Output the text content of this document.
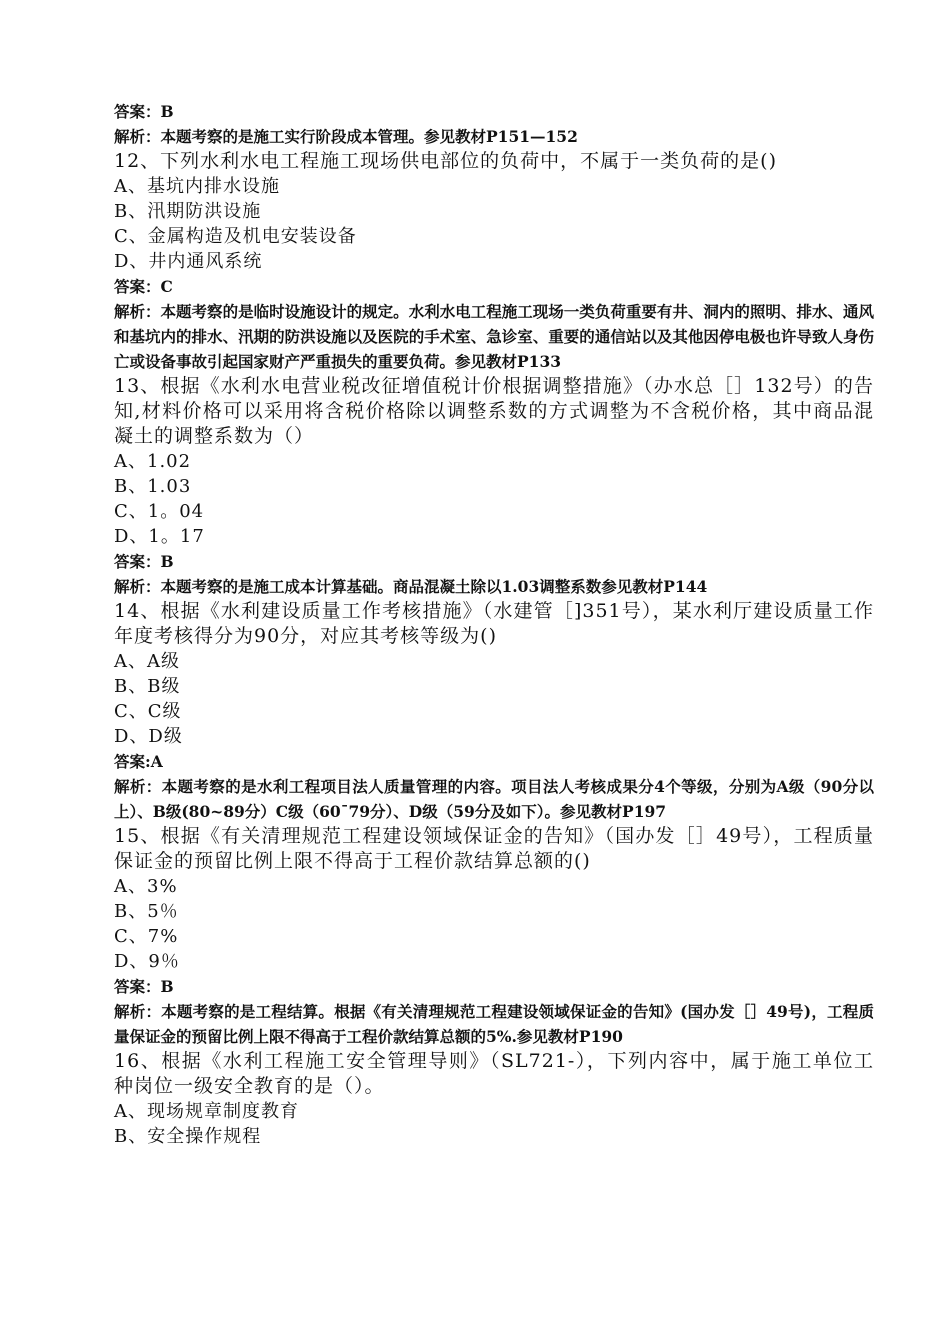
答案：B

解析：本题考察的是施工实行阶段成本管理。参见教材P151—152

12、下列水利水电工程施工现场供电部位的负荷中，不属于一类负荷的是()

A、基坑内排水设施

B、汛期防洪设施

C、金属构造及机电安装设备

D、井内通风系统

答案：C

解析：本题考察的是临时设施设计的规定。水利水电工程施工现场一类负荷重要有井、洞内的照明、排水、通风和基坑内的排水、汛期的防洪设施以及医院的手术室、急诊室、重要的通信站以及其他因停电极也许导致人身伤亡或设备事故引起国家财产严重损失的重要负荷。参见教材P133

13、根据《水利水电营业税改征增值税计价根据调整措施》（办水总［］132号）的告知,材料价格可以采用将含税价格除以调整系数的方式调整为不含税价格，其中商品混凝土的调整系数为（）

A、1.02

B、1.03

C、1。04

D、1。17

答案：B

解析：本题考察的是施工成本计算基础。商品混凝土除以1.03调整系数参见教材P144

14、根据《水利建设质量工作考核措施》（水建管［]351号），某水利厅建设质量工作年度考核得分为90分，对应其考核等级为()

A、A级

B、B级

C、C级

D、D级

答案:A

解析：本题考察的是水利工程项目法人质量管理的内容。项目法人考核成果分4个等级，分别为A级（90分以上）、B级(80~89分）C级（60¯79分）、D级（59分及如下）。参见教材P197

15、根据《有关清理规范工程建设领域保证金的告知》（国办发［］49号），工程质量保证金的预留比例上限不得高于工程价款结算总额的()

A、3%

B、5％

C、7%

D、9％

答案：B

解析：本题考察的是工程结算。根据《有关清理规范工程建设领域保证金的告知》(国办发［］49号)，工程质量保证金的预留比例上限不得高于工程价款结算总额的5%.参见教材P190

16、根据《水利工程施工安全管理导则》（SL721-），下列内容中，属于施工单位工种岗位一级安全教育的是（）。

A、现场规章制度教育

B、安全操作规程
